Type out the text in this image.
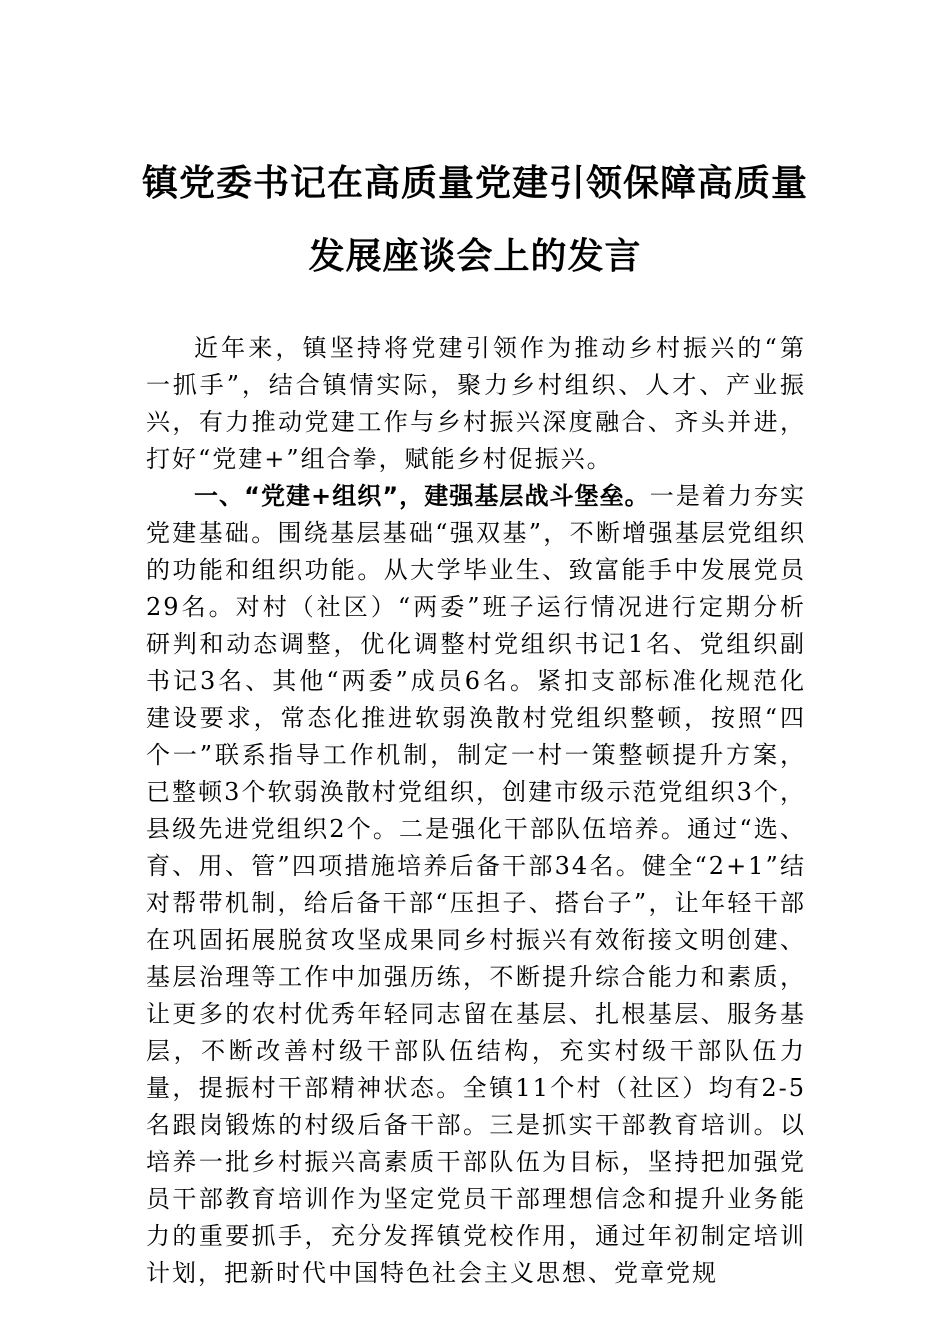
镇党委书记在高质量党建引领保障高质量
发展座谈会上的发言

近年来，镇坚持将党建引领作为推动乡村振兴的“第一抓手”，结合镇情实际，聚力乡村组织、人才、产业振兴，有力推动党建工作与乡村振兴深度融合、齐头并进，打好“党建+”组合拳，赋能乡村促振兴。

一、“党建+组织”，建强基层战斗堡垒。一是着力夯实党建基础。围绕基层基础“强双基”，不断增强基层党组织的功能和组织功能。从大学毕业生、致富能手中发展党员29名。对村（社区）“两委”班子运行情况进行定期分析研判和动态调整，优化调整村党组织书记1名、党组织副书记3名、其他“两委”成员6名。紧扣支部标准化规范化建设要求，常态化推进软弱涣散村党组织整顿，按照“四个一”联系指导工作机制，制定一村一策整顿提升方案，已整顿3个软弱涣散村党组织，创建市级示范党组织3个，县级先进党组织2个。二是强化干部队伍培养。通过“选、育、用、管”四项措施培养后备干部34名。健全“2+1”结对帮带机制，给后备干部“压担子、搭台子”，让年轻干部在巩固拓展脱贫攻坚成果同乡村振兴有效衔接文明创建、基层治理等工作中加强历练，不断提升综合能力和素质，让更多的农村优秀年轻同志留在基层、扎根基层、服务基层，不断改善村级干部队伍结构，充实村级干部队伍力量，提振村干部精神状态。全镇11个村（社区）均有2-5名跟岗锻炼的村级后备干部。三是抓实干部教育培训。以培养一批乡村振兴高素质干部队伍为目标，坚持把加强党员干部教育培训作为坚定党员干部理想信念和提升业务能力的重要抓手，充分发挥镇党校作用，通过年初制定培训计划，把新时代中国特色社会主义思想、党章党规
